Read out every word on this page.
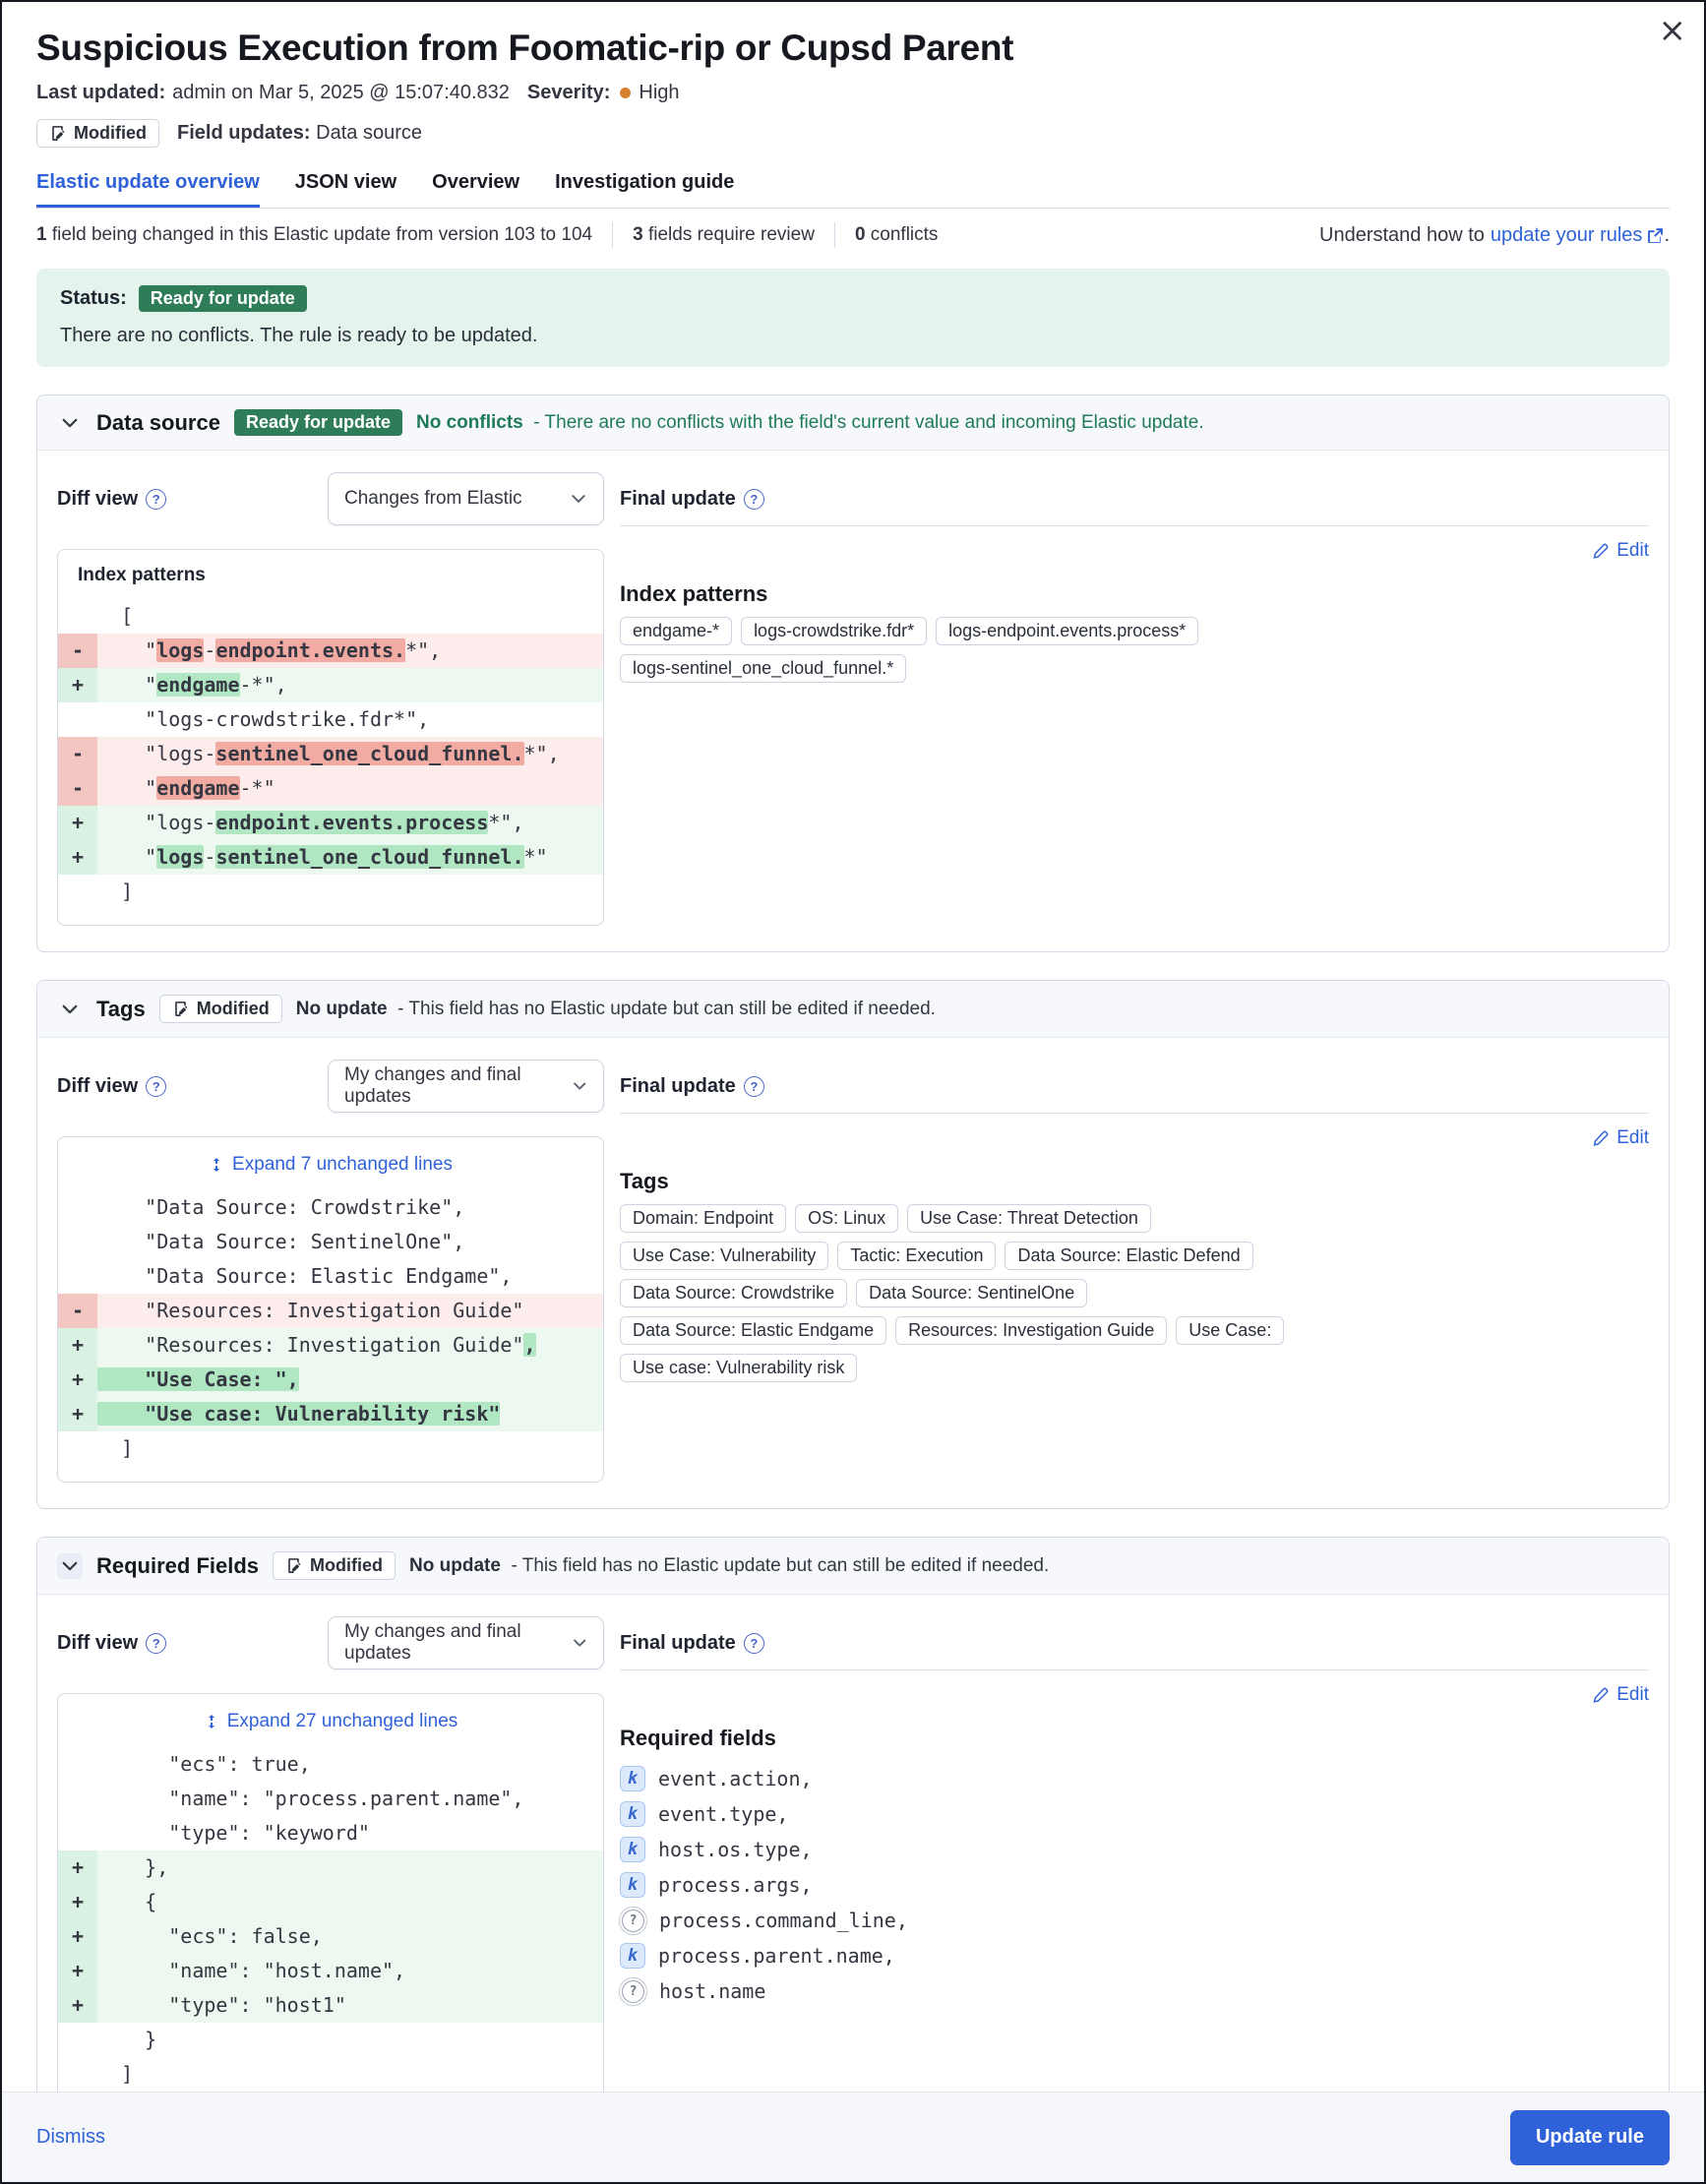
×
Suspicious Execution from Foomatic-rip or Cupsd Parent
Last updated: admin on Mar 5, 2025 @ 15:07:40.832 Severity: High
Modified Field updates: Data source
Elastic update overview JSON view Overview Investigation guide
1 field being changed in this Elastic update from version 103 to 104 3 fields require review 0 conflicts	Understand how to update your rules .
Status:	Ready for update
There are no conflicts. The rule is ready to be updated.
Data source	Ready for update	No conflicts - There are no conflicts with the field's current value and incoming Elastic update.
Diff view	?	Changes from Elastic
Index patterns
[
- "logs-endpoint.events.*",
+ "endgame-*",
"logs-crowdstrike.fdr*",
- "logs-sentinel_one_cloud_funnel.*",
- "endgame-*"
+ "logs-endpoint.events.process*",
+ "logs-sentinel_one_cloud_funnel.*"
]
Final update	?
Edit
Index patterns
endgame-*	logs-crowdstrike.fdr*	logs-endpoint.events.process*
logs-sentinel_one_cloud_funnel.*
Tags	Modified No update - This field has no Elastic update but can still be edited if needed.
Diff view	?
My changes and final updates
Expand 7 unchanged lines
"Data Source: Crowdstrike",
"Data Source: SentinelOne",
"Data Source: Elastic Endgame",
- "Resources: Investigation Guide"
+ "Resources: Investigation Guide",
+ "Use Case: ",
+ "Use case: Vulnerability risk"
]
Final update	?
Edit
Tags
Domain: Endpoint	OS: Linux	Use Case: Threat Detection
Use Case: Vulnerability	Tactic: Execution	Data Source: Elastic Defend
Data Source: Crowdstrike	Data Source: SentinelOne
Data Source: Elastic Endgame	Resources: Investigation Guide	Use Case:
Use case: Vulnerability risk
Required Fields	Modified No update - This field has no Elastic update but can still be edited if needed.
Diff view	?
My changes and final updates
Expand 27 unchanged lines
"ecs": true,
"name": "process.parent.name",
"type": "keyword"
+ },
+ {
+ "ecs": false,
+ "name": "host.name",
+ "type": "host1"
}
]
Final update	?
Edit
Required fields
k	event.action,
k	event.type,
k	host.os.type,
k	process.args,
?	process.command_line,
k	process.parent.name,
?	host.name
Dismiss	Update rule
